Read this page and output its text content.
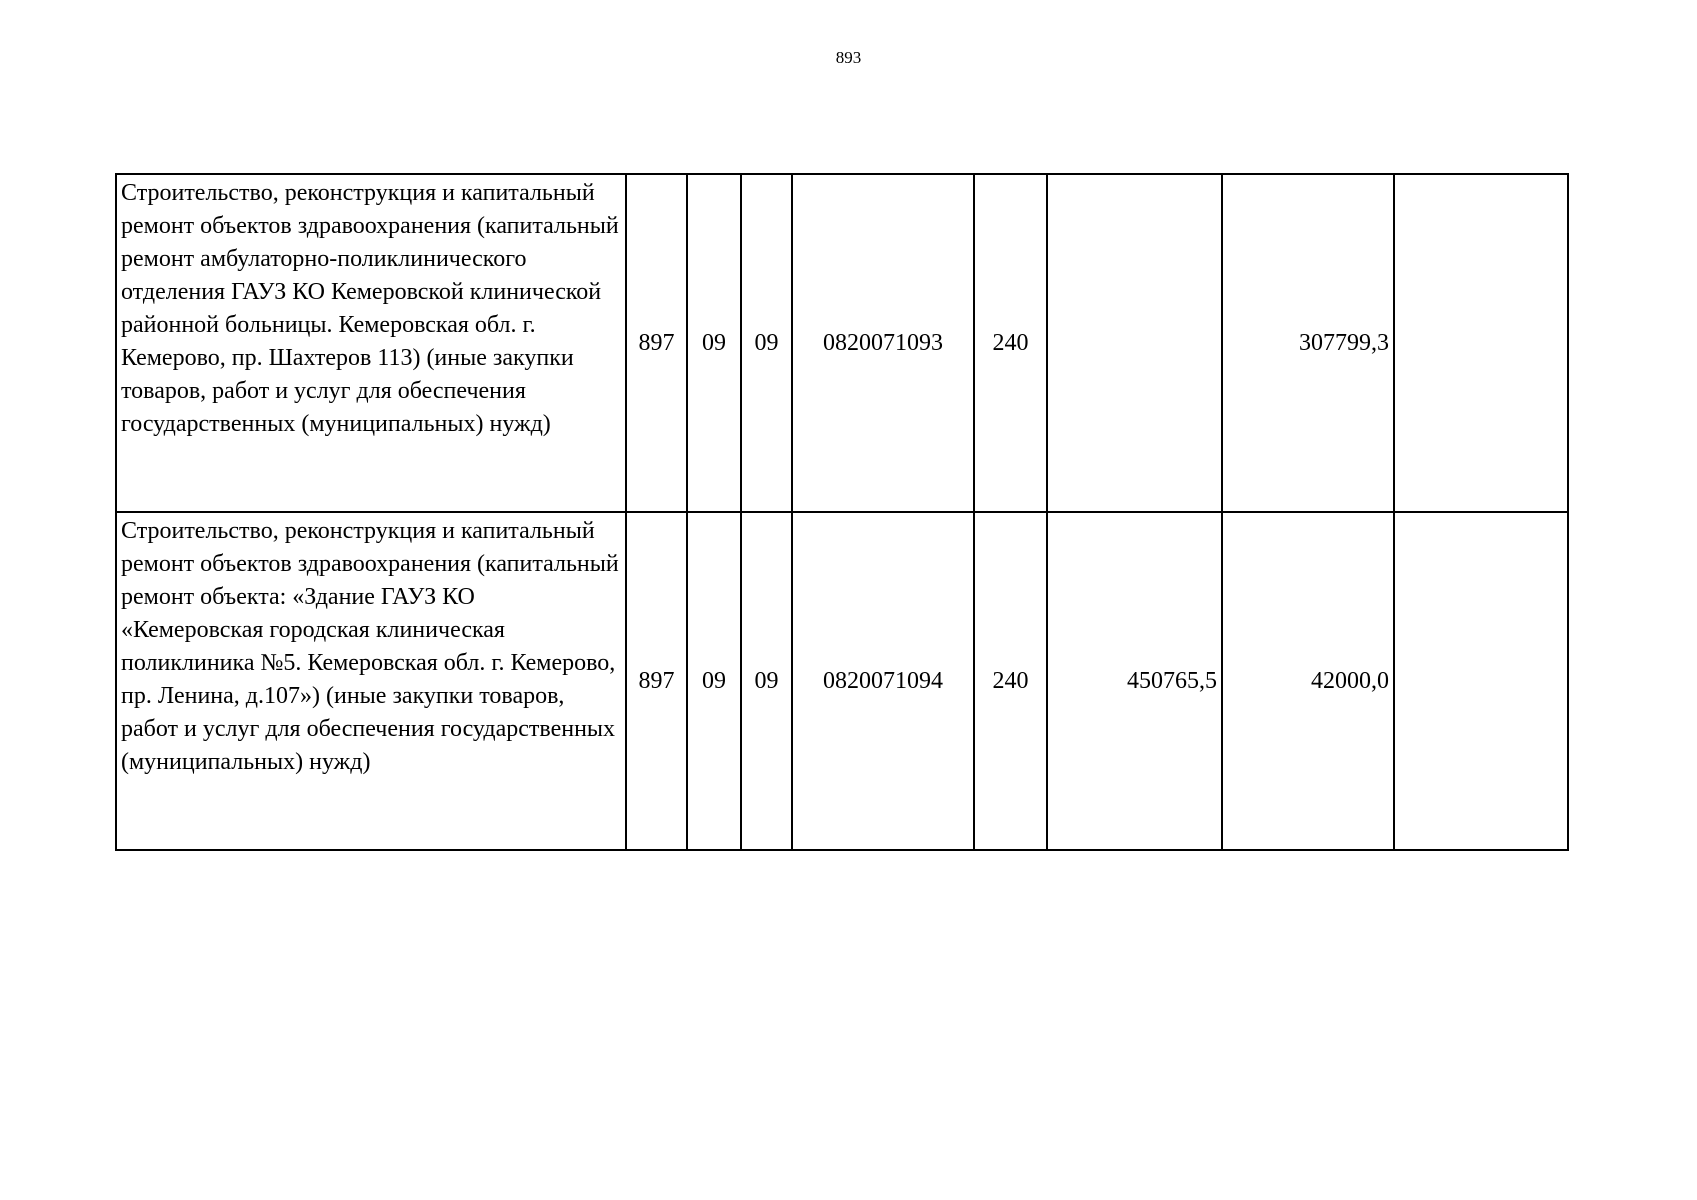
893
Строительство, реконструкция и капитальный ремонт объектов здравоохранения (капитальный ремонт амбулаторно-поликлинического отделения ГАУЗ КО Кемеровской клинической районной больницы. Кемеровская обл. г. Кемерово, пр. Шахтеров 113) (иные закупки товаров, работ и услуг для обеспечения государственных (муниципальных) нужд)	897	09	09	0820071093	240		307799,3	
Строительство, реконструкция и капитальный ремонт объектов здравоохранения (капитальный ремонт объекта: «Здание ГАУЗ КО «Кемеровская городская клиническая поликлиника №5. Кемеровская обл. г. Кемерово, пр. Ленина, д.107») (иные закупки товаров, работ и услуг для обеспечения государственных (муниципальных) нужд)	897	09	09	0820071094	240	450765,5	42000,0	
